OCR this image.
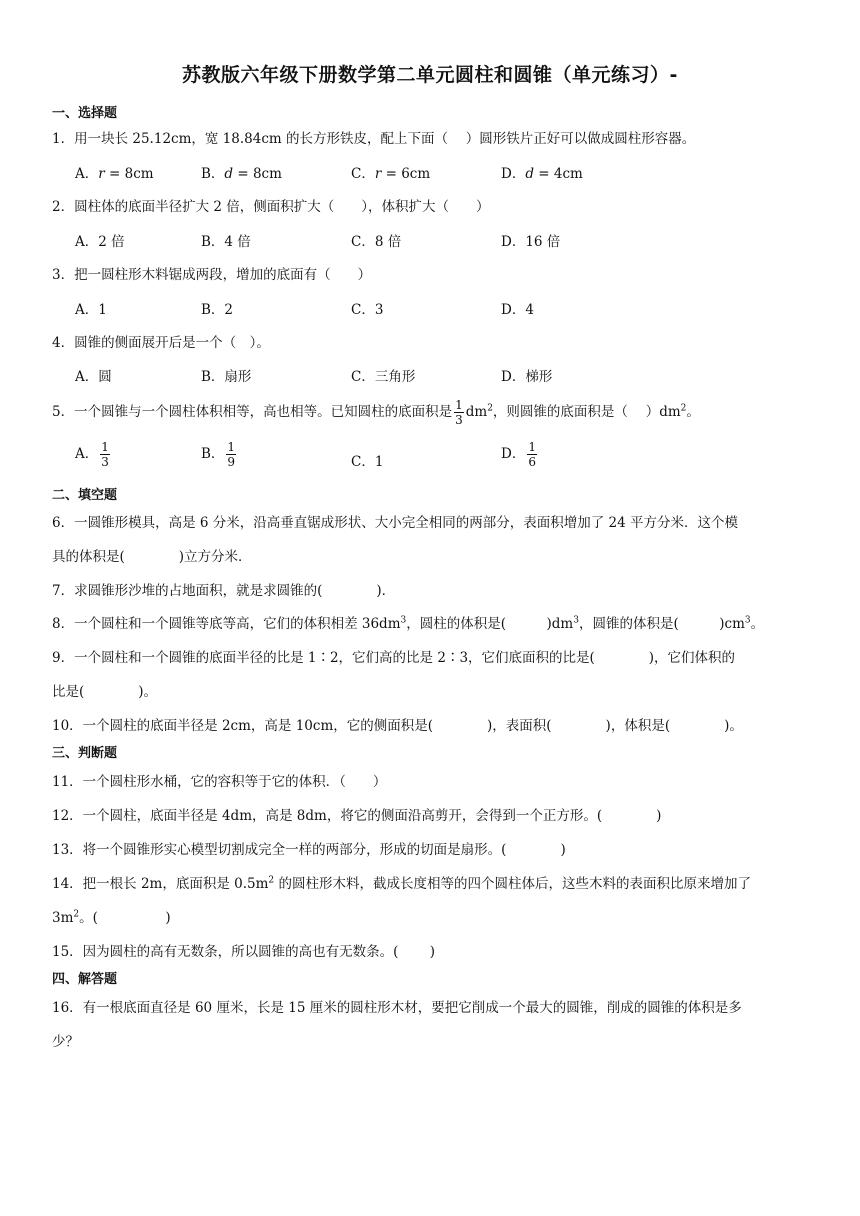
苏教版六年级下册数学第二单元圆柱和圆锥（单元练习）-
一、选择题
1．用一块长 25.12cm，宽 18.84cm 的长方形铁皮，配上下面（　 ）圆形铁片正好可以做成圆柱形容器。
A．r = 8cm	B．d = 8cm	C．r = 6cm	D．d = 4cm
2．圆柱体的底面半径扩大 2 倍，侧面积扩大（　　），体积扩大（　　）
A．2 倍	B．4 倍	C．8 倍	D．16 倍
3．把一圆柱形木料锯成两段，增加的底面有（　　）
A．1	B．2	C．3	D．4
4．圆锥的侧面展开后是一个（　）。
A．圆	B．扇形	C．三角形	D．梯形
5．一个圆锥与一个圆柱体积相等，高也相等。已知圆柱的底面积是 $\frac{1}{3} dm^2$，则圆锥的底面积是（　 ）$dm^2$。
A． $\frac{1}{3}$	B． $\frac{1}{9}$	C．1	D． $\frac{1}{6}$
二、填空题
6．一圆锥形模具，高是 6 分米，沿高垂直锯成形状、大小完全相同的两部分，表面积增加了 24 平方分米．这个模
具的体积是(　　　　)立方分米．
7．求圆锥形沙堆的占地面积，就是求圆锥的(　　　　)．
8．一个圆柱和一个圆锥等底等高，它们的体积相差 $36dm^3$，圆柱的体积是(　　　)$dm^3$，圆锥的体积是(　　　)$cm^3$。
9．一个圆柱和一个圆锥的底面半径的比是 1∶2，它们高的比是 2∶3，它们底面积的比是(　　　　)，它们体积的
比是(　　　　)。
10．一个圆柱的底面半径是 2cm，高是 10cm，它的侧面积是(　　　　)，表面积(　　　　)，体积是(　　　　)。
三、判断题
11．一个圆柱形水桶，它的容积等于它的体积．（　　）
12．一个圆柱，底面半径是 4dm，高是 8dm，将它的侧面沿高剪开，会得到一个正方形。(　　　　)
13．将一个圆锥形实心模型切割成完全一样的两部分，形成的切面是扇形。(　　　　)
14．把一根长 2m，底面积是 $0.5m^2$ 的圆柱形木料，截成长度相等的四个圆柱体后，这些木料的表面积比原来增加了
$3m^2$。(　　　　　)
15．因为圆柱的高有无数条，所以圆锥的高也有无数条。(　　 )
四、解答题
16．有一根底面直径是 60 厘米，长是 15 厘米的圆柱形木材，要把它削成一个最大的圆锥，削成的圆锥的体积是多
少？
